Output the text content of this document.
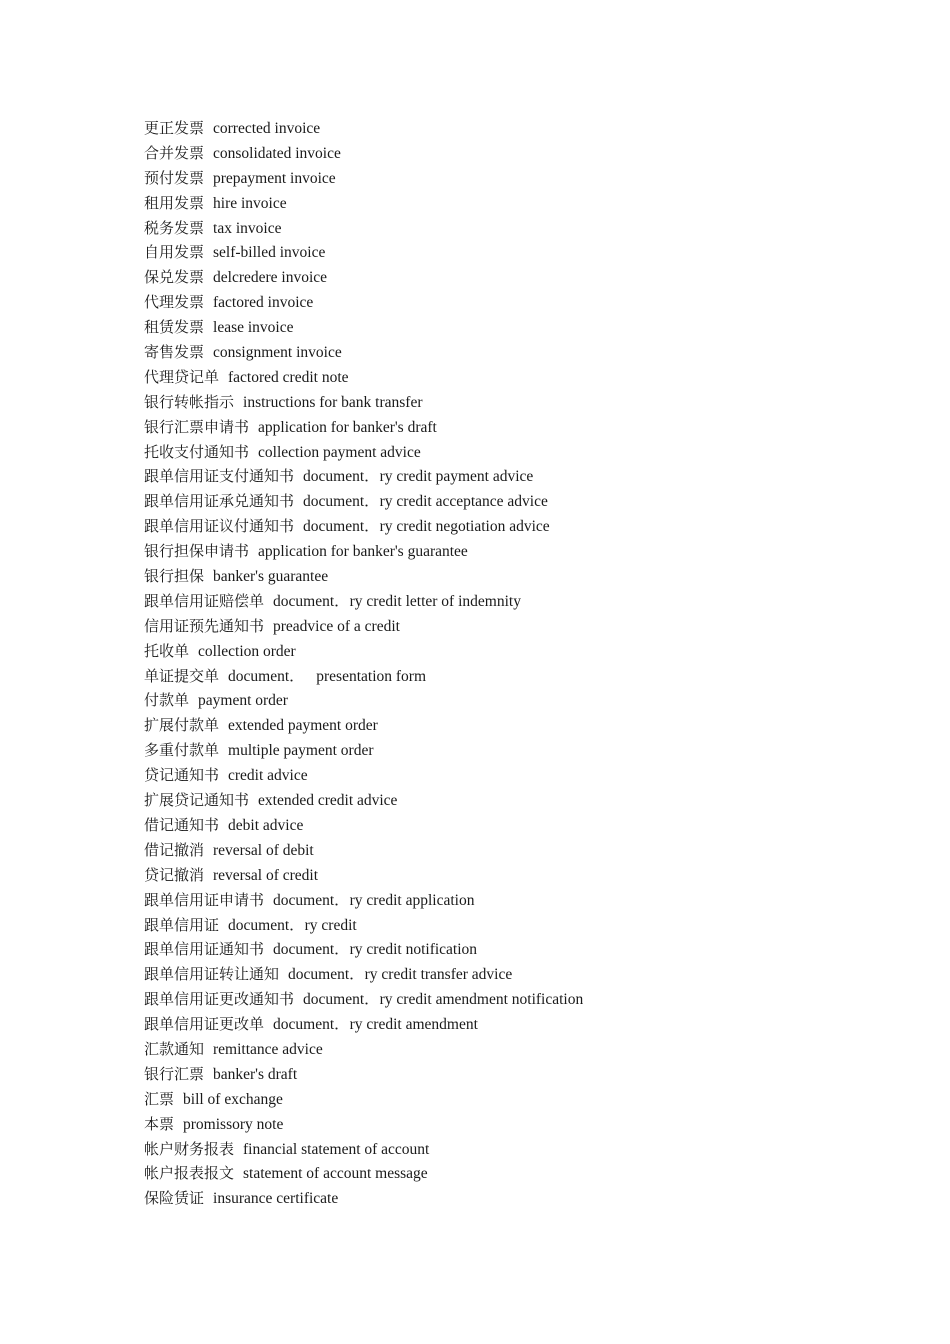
更正发票 corrected invoice
合并发票 consolidated invoice
预付发票 prepayment invoice
租用发票 hire invoice
税务发票 tax invoice
自用发票 self-billed invoice
保兑发票 delcredere invoice
代理发票 factored invoice
租赁发票 lease invoice
寄售发票 consignment invoice
代理贷记单 factored credit note
银行转帐指示 instructions for bank transfer
银行汇票申请书 application for banker's draft
托收支付通知书 collection payment advice
跟单信用证支付通知书 document．ry credit payment advice
跟单信用证承兑通知书 document．ry credit acceptance advice
跟单信用证议付通知书 document．ry credit negotiation advice
银行担保申请书 application for banker's guarantee
银行担保 banker's guarantee
跟单信用证赔偿单 document．ry credit letter of indemnity
信用证预先通知书 preadvice of a credit
托收单 collection order
单证提交单 document．   presentation form
付款单 payment order
扩展付款单 extended payment order
多重付款单 multiple payment order
贷记通知书 credit advice
扩展贷记通知书 extended credit advice
借记通知书 debit advice
借记撤消 reversal of debit
贷记撤消 reversal of credit
跟单信用证申请书 document．ry credit application
跟单信用证 document．ry credit
跟单信用证通知书 document．ry credit notification
跟单信用证转让通知 document．ry credit transfer advice
跟单信用证更改通知书 document．ry credit amendment notification
跟单信用证更改单 document．ry credit amendment
汇款通知 remittance advice
银行汇票 banker's draft
汇票 bill of exchange
本票 promissory note
帐户财务报表 financial statement of account
帐户报表报文 statement of account message
保险赁证 insurance certificate
